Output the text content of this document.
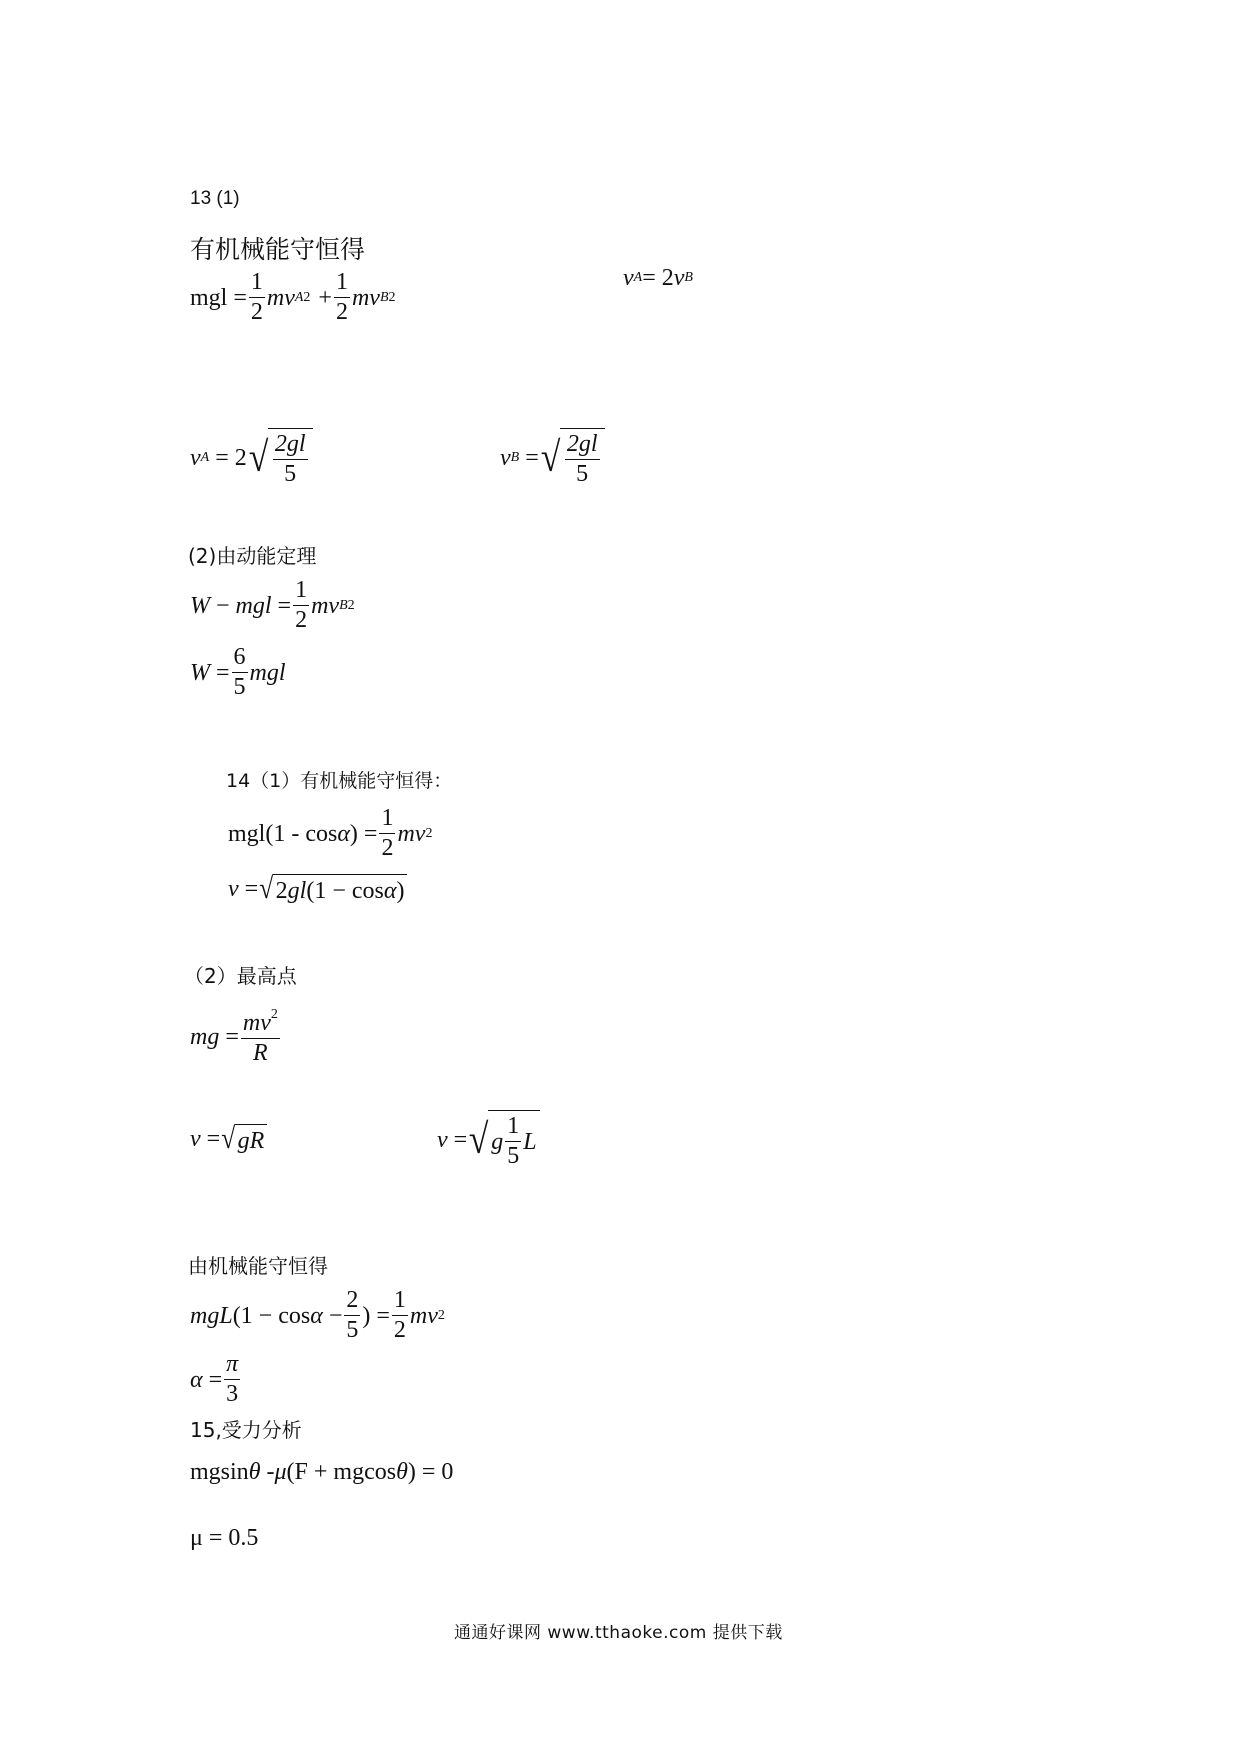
13 (1)
有机械能守恒得
mgl = $\frac{1}{2}$ mv A $2 + \frac{1}{2}$ mv B 2
v A = 2 v B
v A = 2 √ $\frac{2gl}{5}$	v B = √ $\frac{2gl}{5}$
(2)由动能定理
W − mgl = $\frac{1}{2}$ mv B 2
$W = \frac{6}{5}$ mgl
14（1）有机械能守恒得：
mgl(1 - cos α ) = $\frac{1}{2}$ mv 2
v = √ 2 gl (1 − cos α )
（2）最高点
mg = $\frac{mv^2}{R}$
v = √ gR	v = √ g $\frac{1}{5}$ L
由机械能守恒得
mgL ($1 - \cos \alpha - \frac{2}{5}$ ) = $\frac{1}{2}$ mv 2
$\alpha = \frac{\pi}{3}$
15,受力分析
mgsin θ - μ (F + mgcos θ ) = 0
μ = 0.5
通通好课网 www.tthaoke.com 提供下载
